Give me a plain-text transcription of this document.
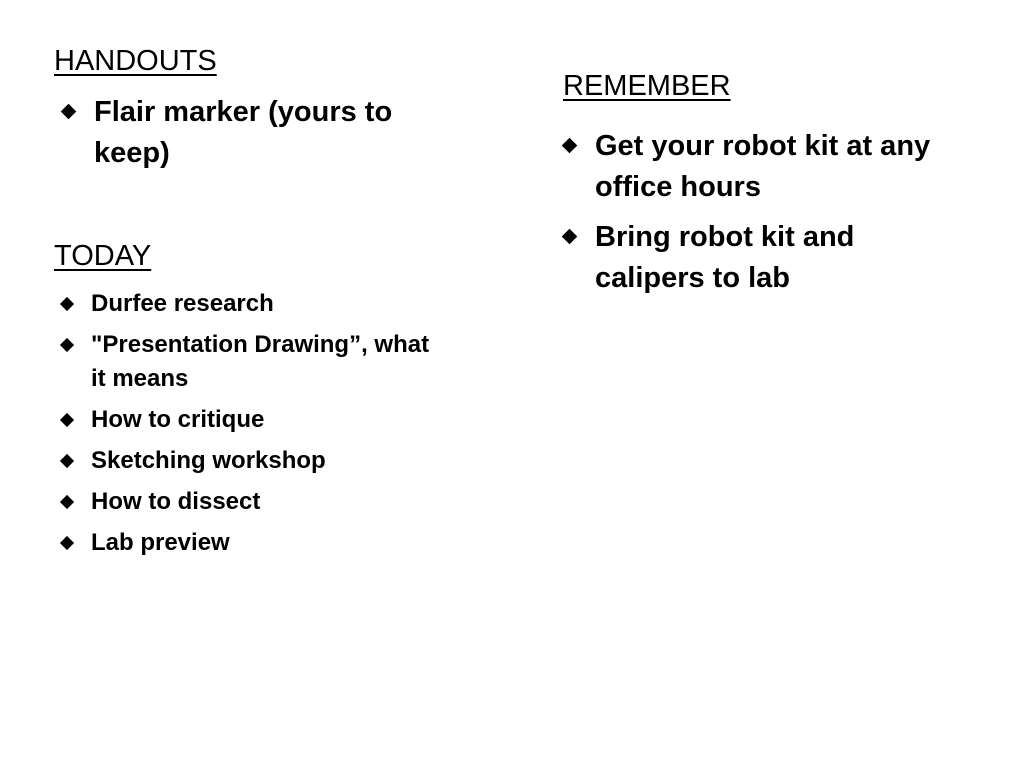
HANDOUTS
Flair marker (yours to keep)
TODAY
Durfee research
"Presentation Drawing”, what it means
How to critique
Sketching workshop
How to dissect
Lab preview
REMEMBER
Get your robot kit at any office hours
Bring robot kit and calipers to lab
